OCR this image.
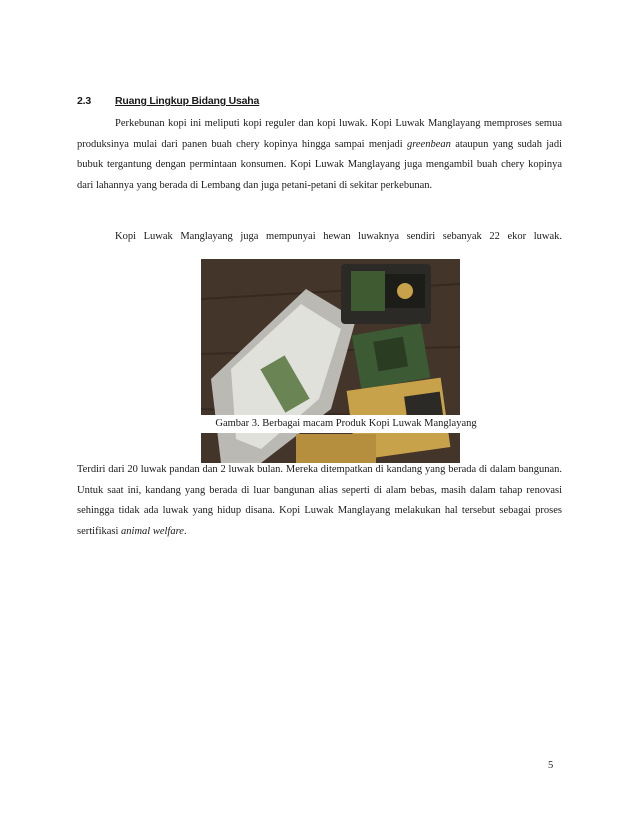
2.3 Ruang Lingkup Bidang Usaha

Perkebunan kopi ini meliputi kopi reguler dan kopi luwak. Kopi Luwak Manglayang memproses semua produksinya mulai dari panen buah chery kopinya hingga sampai menjadi greenbean ataupun yang sudah jadi bubuk tergantung dengan permintaan konsumen. Kopi Luwak Manglayang juga mengambil buah chery kopinya dari lahannya yang berada di Lembang dan juga petani-petani di sekitar perkebunan.

Kopi Luwak Manglayang juga mempunyai hewan luwaknya sendiri sebanyak 22 ekor luwak.

Gambar 3. Berbagai macam Produk Kopi Luwak Manglayang

Terdiri dari 20 luwak pandan dan 2 luwak bulan. Mereka ditempatkan di kandang yang berada di dalam bangunan. Untuk saat ini, kandang yang berada di luar bangunan alias seperti di alam bebas, masih dalam tahap renovasi sehingga tidak ada luwak yang hidup disana. Kopi Luwak Manglayang melakukan hal tersebut sebagai proses sertifikasi animal welfare.

5
